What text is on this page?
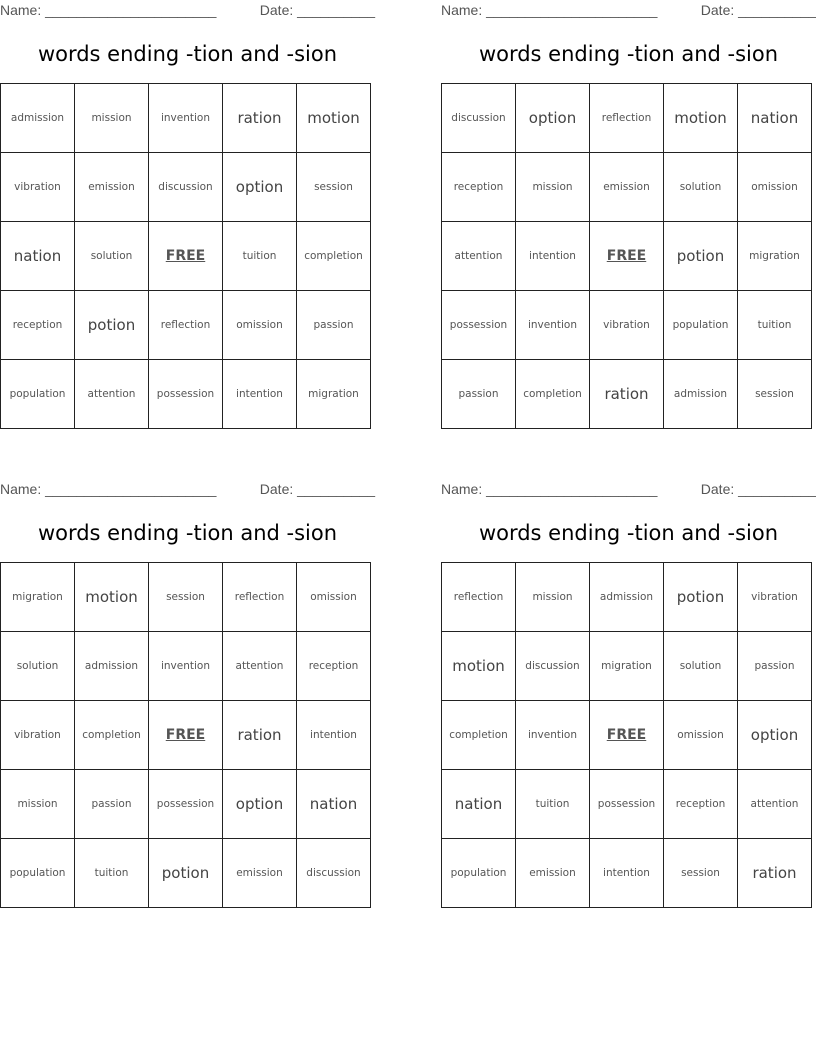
Name: ______________________	Date: __________
words ending -tion and -sion
admission	mission	invention	ration	motion
vibration	emission	discussion	option	session
nation	solution	FREE	tuition	completion
reception	potion	reflection	omission	passion
population	attention	possession	intention	migration
Name: ______________________	Date: __________
words ending -tion and -sion
discussion	option	reflection	motion	nation
reception	mission	emission	solution	omission
attention	intention	FREE	potion	migration
possession	invention	vibration	population	tuition
passion	completion	ration	admission	session
Name: ______________________	Date: __________
words ending -tion and -sion
migration	motion	session	reflection	omission
solution	admission	invention	attention	reception
vibration	completion	FREE	ration	intention
mission	passion	possession	option	nation
population	tuition	potion	emission	discussion
Name: ______________________	Date: __________
words ending -tion and -sion
reflection	mission	admission	potion	vibration
motion	discussion	migration	solution	passion
completion	invention	FREE	omission	option
nation	tuition	possession	reception	attention
population	emission	intention	session	ration
